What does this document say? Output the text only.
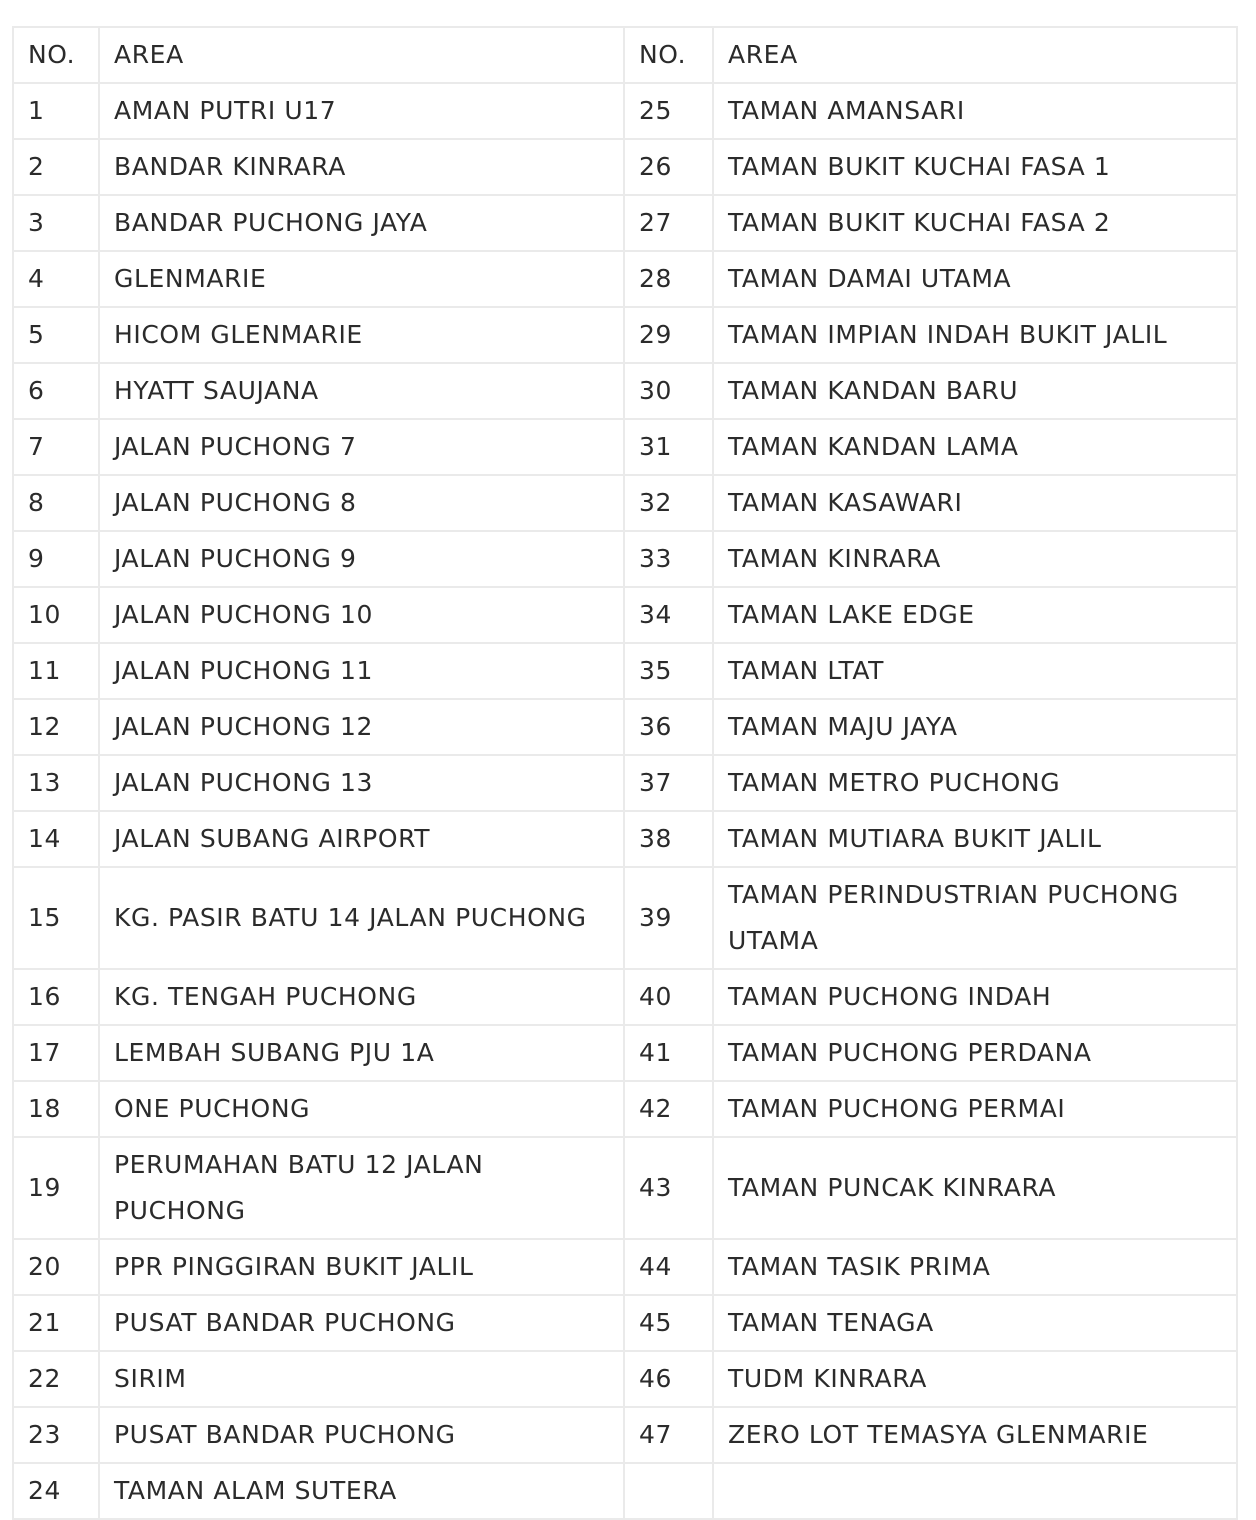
NO.	AREA	NO.	AREA
1	AMAN PUTRI U17	25	TAMAN AMANSARI
2	BANDAR KINRARA	26	TAMAN BUKIT KUCHAI FASA 1
3	BANDAR PUCHONG JAYA	27	TAMAN BUKIT KUCHAI FASA 2
4	GLENMARIE	28	TAMAN DAMAI UTAMA
5	HICOM GLENMARIE	29	TAMAN IMPIAN INDAH BUKIT JALIL
6	HYATT SAUJANA	30	TAMAN KANDAN BARU
7	JALAN PUCHONG 7	31	TAMAN KANDAN LAMA
8	JALAN PUCHONG 8	32	TAMAN KASAWARI
9	JALAN PUCHONG 9	33	TAMAN KINRARA
10	JALAN PUCHONG 10	34	TAMAN LAKE EDGE
11	JALAN PUCHONG 11	35	TAMAN LTAT
12	JALAN PUCHONG 12	36	TAMAN MAJU JAYA
13	JALAN PUCHONG 13	37	TAMAN METRO PUCHONG
14	JALAN SUBANG AIRPORT	38	TAMAN MUTIARA BUKIT JALIL
15	KG. PASIR BATU 14 JALAN PUCHONG	39	TAMAN PERINDUSTRIAN PUCHONG UTAMA
16	KG. TENGAH PUCHONG	40	TAMAN PUCHONG INDAH
17	LEMBAH SUBANG PJU 1A	41	TAMAN PUCHONG PERDANA
18	ONE PUCHONG	42	TAMAN PUCHONG PERMAI
19	PERUMAHAN BATU 12 JALAN PUCHONG	43	TAMAN PUNCAK KINRARA
20	PPR PINGGIRAN BUKIT JALIL	44	TAMAN TASIK PRIMA
21	PUSAT BANDAR PUCHONG	45	TAMAN TENAGA
22	SIRIM	46	TUDM KINRARA
23	PUSAT BANDAR PUCHONG	47	ZERO LOT TEMASYA GLENMARIE
24	TAMAN ALAM SUTERA		
